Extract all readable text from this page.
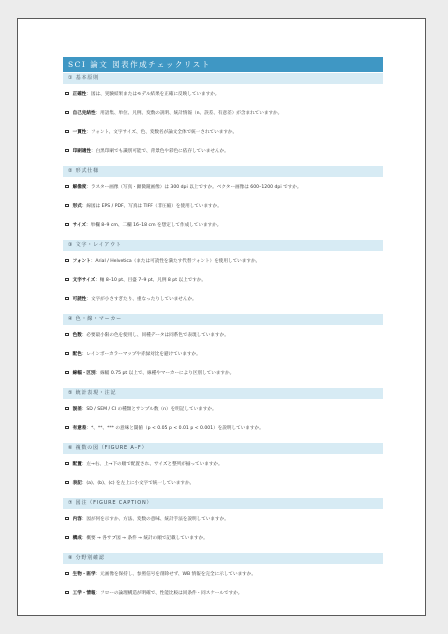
SCI 論文 図表作成チェックリスト
① 基本原則
正確性 ：図は、実験結果またはモデル結果を正確に反映していますか。
自己完結性 ：用語集、単位、凡例、変数の説明、統計情報（n、誤差、有意差）が含まれていますか。
一貫性 ：フォント、文字サイズ、色、変数名が論文全体で統一されていますか。
印刷適性 ：白黒印刷でも識別可能で、背景色や彩色に依存していませんか。
② 形式仕様
解像度 ：ラスター画像（写真・顕微鏡画像）は 300 dpi 以上ですか。ベクター画像は 600–1200 dpi ですか。
形式 ：線図は EPS / PDF、写真は TIFF（非圧縮）を使用していますか。
サイズ ：単欄 8–9 cm、二欄 16–18 cm を想定して作成していますか。
③ 文字・レイアウト
フォント ：Arial / Helvetica（または可読性を満たす代替フォント）を使用していますか。
文字サイズ ：軸 8–10 pt、目盛 7–9 pt、凡例 8 pt 以上ですか。
可読性 ：文字が小さすぎたり、重なったりしていませんか。
④ 色・線・マーカー
色数 ：必要最小限の色を使用し、同種データは同系色で表現していますか。
配色 ：レインボーカラーマップや赤緑対比を避けていますか。
線幅・区別 ：線幅 0.75 pt 以上で、線種やマーカーにより区別していますか。
⑤ 統計表現・注記
誤差 ：SD / SEM / CI の種類とサンプル数（n）を明記していますか。
有意差 ：*、**、*** の意味と閾値（p < 0.05 p < 0.01 p < 0.001）を説明していますか。
⑥ 複数の図（FIGURE A–F）
配置 ：左→右、上→下の順で配置され、サイズと整列が揃っていますか。
表記 ：(a)、(b)、(c) を左上に小文字で統一していますか。
⑦ 図注（FIGURE CAPTION）
内容 ：図が何を示すか、方法、変数の意味、統計手法を説明していますか。
構成 ：概要 → 各サブ図 → 条件 → 統計の順で記載していますか。
⑧ 分野別確認
生物・医学 ：元画像を保持し、参照信号を削除せず、WB 情報を完全に示していますか。
工学・情報 ：フローの論理構造が明確で、性能比較は同条件・同スケールですか。
